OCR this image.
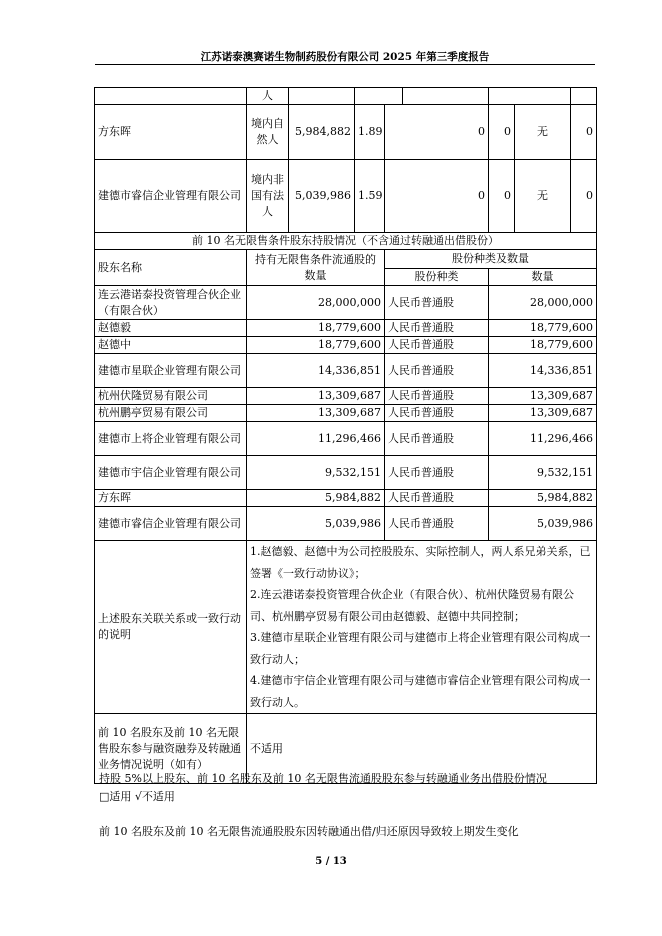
江苏诺泰澳赛诺生物制药股份有限公司 2025 年第三季度报告
	人							
方东晖	境内自然人	5,984,882	1.89	0		0	无	0
建德市睿信企业管理有限公司	境内非国有法人	5,039,986	1.59	0		0	无	0
前 10 名无限售条件股东持股情况（不含通过转融通出借股份）								
股东名称	持有无限售条件流通股的数量			股份种类及数量				
				股份种类		数量		
连云港诺泰投资管理合伙企业（有限合伙）	28,000,000			人民币普通股		28,000,000		
赵德毅	18,779,600			人民币普通股		18,779,600		
赵德中	18,779,600			人民币普通股		18,779,600		
建德市星联企业管理有限公司	14,336,851			人民币普通股		14,336,851		
杭州伏隆贸易有限公司	13,309,687			人民币普通股		13,309,687		
杭州鹏亭贸易有限公司	13,309,687			人民币普通股		13,309,687		
建德市上将企业管理有限公司	11,296,466			人民币普通股		11,296,466		
建德市宇信企业管理有限公司	9,532,151			人民币普通股		9,532,151		
方东晖	5,984,882			人民币普通股		5,984,882		
建德市睿信企业管理有限公司	5,039,986			人民币普通股		5,039,986		
上述股东关联关系或一致行动的说明	1.赵德毅、赵德中为公司控股股东、实际控制人，两人系兄弟关系，已签署《一致行动协议》；
2.连云港诺泰投资管理合伙企业（有限合伙）、杭州伏隆贸易有限公司、杭州鹏亭贸易有限公司由赵德毅、赵德中共同控制；
3.建德市星联企业管理有限公司与建德市上将企业管理有限公司构成一致行动人；
4.建德市宇信企业管理有限公司与建德市睿信企业管理有限公司构成一致行动人。							

前 10 名股东及前 10 名无限售股东参与融资融券及转融通业务情况说明（如有）	不适用							
持股 5%以上股东、前 10 名股东及前 10 名无限售流通股股东参与转融通业务出借股份情况
□适用 √不适用
前 10 名股东及前 10 名无限售流通股股东因转融通出借/归还原因导致较上期发生变化
5 / 13
